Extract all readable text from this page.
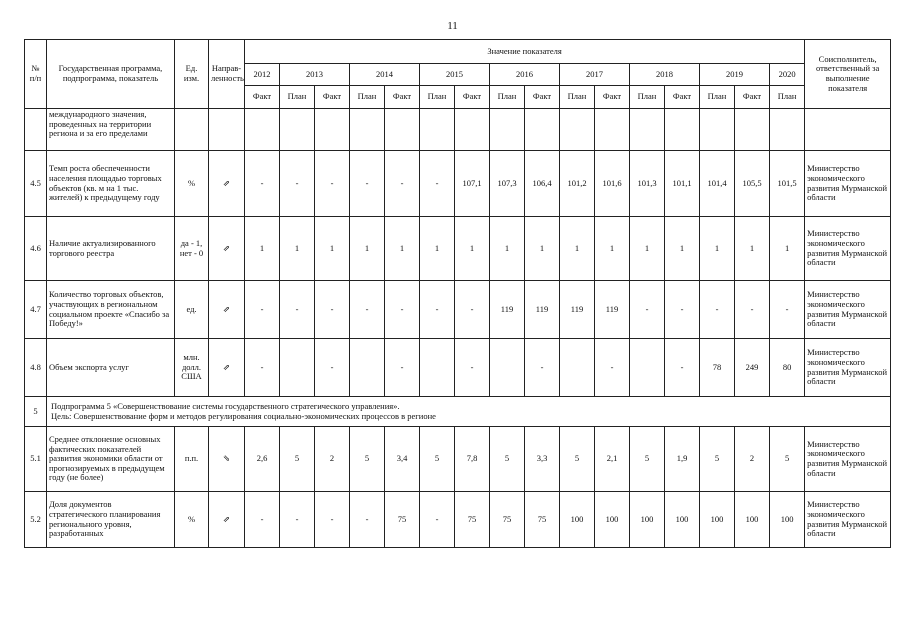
11
№ п/п	Государственная программа, подпрограмма, показатель	Ед. изм.	Направ-ленность	Значение показателя																Соисполнитель, ответственный за выполнение показателя
				2012	2013		2014		2015		2016		2017		2018		2019		2020	
				Факт	План	Факт	План	Факт	План	Факт	План	Факт	План	Факт	План	Факт	План	Факт	План	
	международного значения, проведенных на территории региона и за его пределами																			
4.5	Темп роста обеспеченности населения площадью торговых объектов (кв. м на 1 тыс. жителей) к предыдущему году	%	⇗	-	-	-	-	-	-	107,1	107,3	106,4	101,2	101,6	101,3	101,1	101,4	105,5	101,5	Министерство экономического развития Мурманской области
4.6	Наличие актуализированного торгового реестра	да - 1, нет - 0	⇗	1	1	1	1	1	1	1	1	1	1	1	1	1	1	1	1	Министерство экономического развития Мурманской области
4.7	Количество торговых объектов, участвующих в региональном социальном проекте «Спасибо за Победу!»	ед.	⇗	-	-	-	-	-	-	-	119	119	119	119	-	-	-	-	-	Министерство экономического развития Мурманской области
4.8	Объем экспорта услуг	млн. долл. США	⇗	-		-		-		-		-		-		-	78	249	80	Министерство экономического развития Мурманской области
5	Подпрограмма 5 «Совершенствование системы государственного стратегического управления».
Цель: Совершенствование форм и методов регулирования социально-экономических процессов в регионе																			

5.1	Среднее отклонение основных фактических показателей развития экономики области от прогнозируемых в предыдущем году (не более)	п.п.	⇘	2,6	5	2	5	3,4	5	7,8	5	3,3	5	2,1	5	1,9	5	2	5	Министерство экономического развития Мурманской области
5.2	Доля документов стратегического планирования регионального уровня, разработанных	%	⇗	-	-	-	-	75	-	75	75	75	100	100	100	100	100	100	100	Министерство экономического развития Мурманской области
